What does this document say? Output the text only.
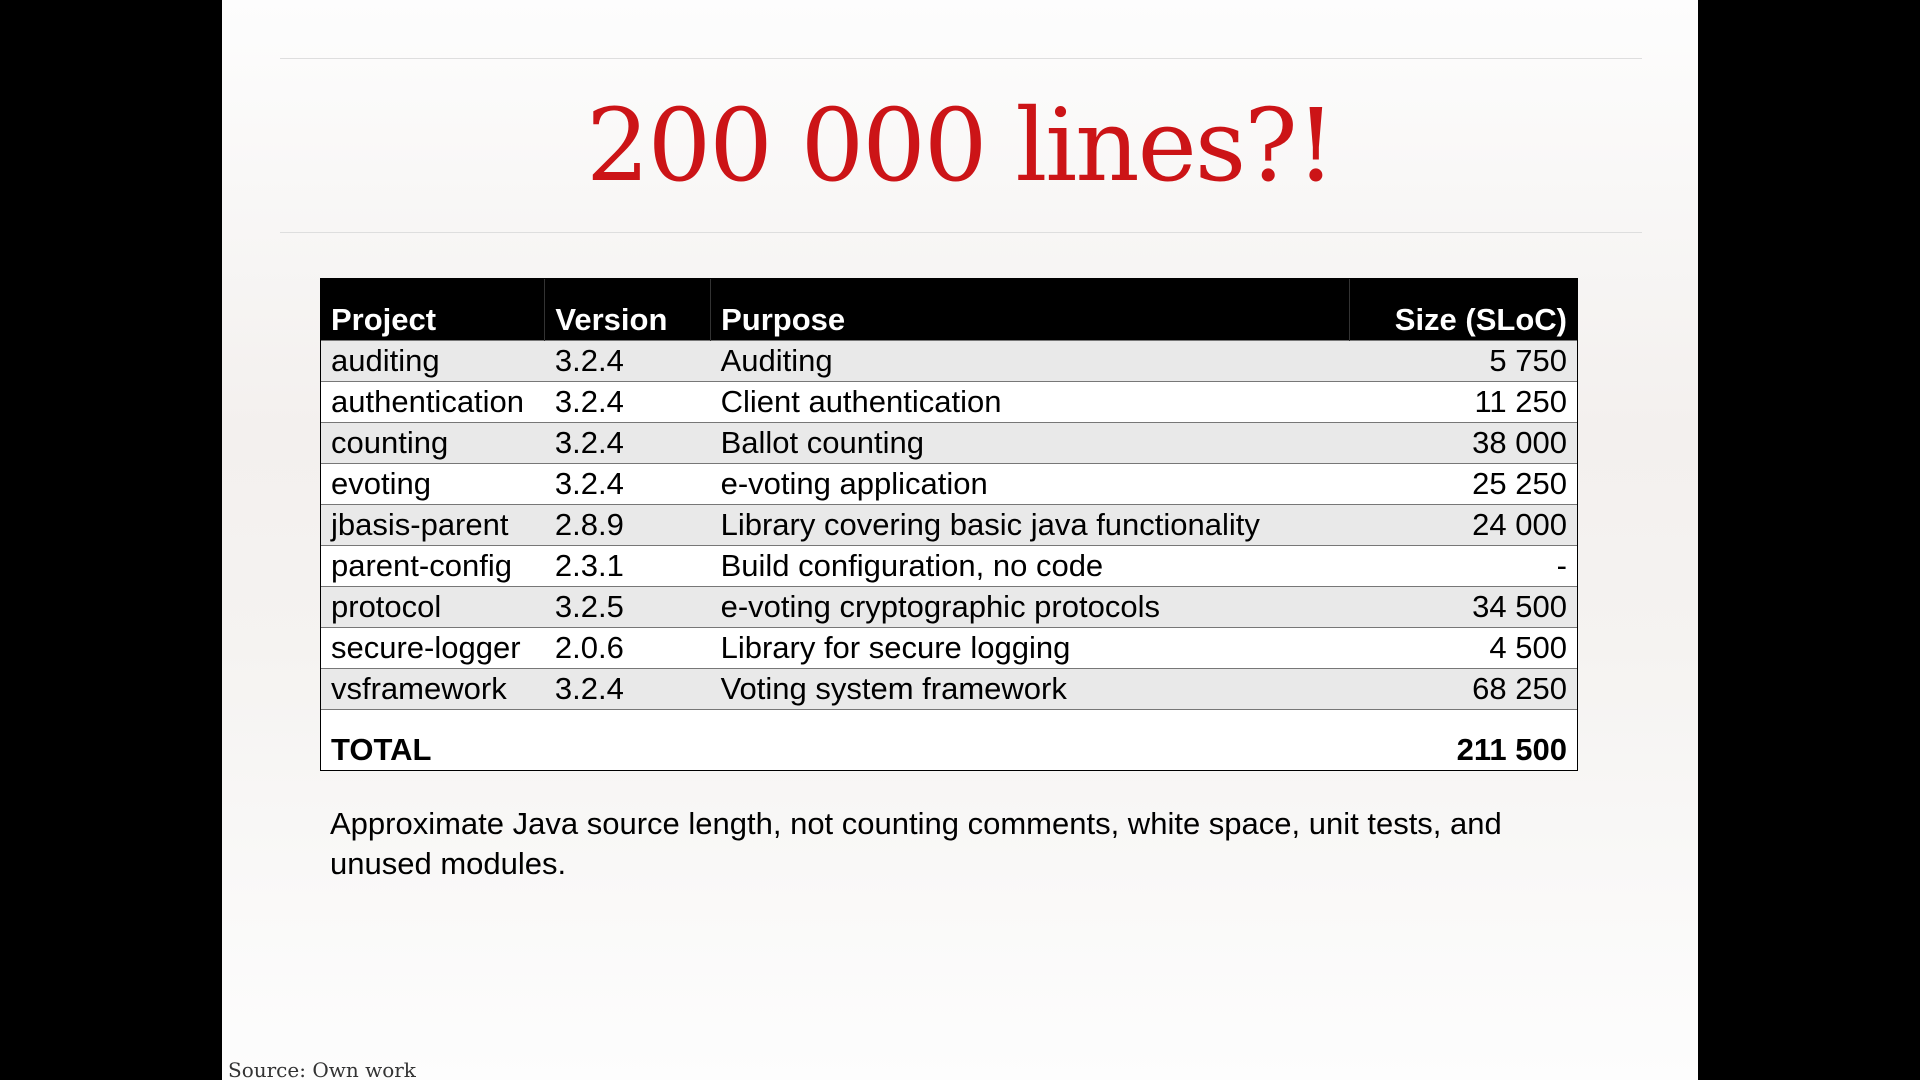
200 000 lines?!
Project	Version	Purpose	Size (SLoC)
auditing	3.2.4	Auditing	5 750
authentication	3.2.4	Client authentication	11 250
counting	3.2.4	Ballot counting	38 000
evoting	3.2.4	e-voting application	25 250
jbasis-parent	2.8.9	Library covering basic java functionality	24 000
parent-config	2.3.1	Build configuration, no code	-
protocol	3.2.5	e-voting cryptographic protocols	34 500
secure-logger	2.0.6	Library for secure logging	4 500
vsframework	3.2.4	Voting system framework	68 250
TOTAL			211 500
Approximate Java source length, not counting comments, white space, unit tests, and unused modules.
Source: Own work
